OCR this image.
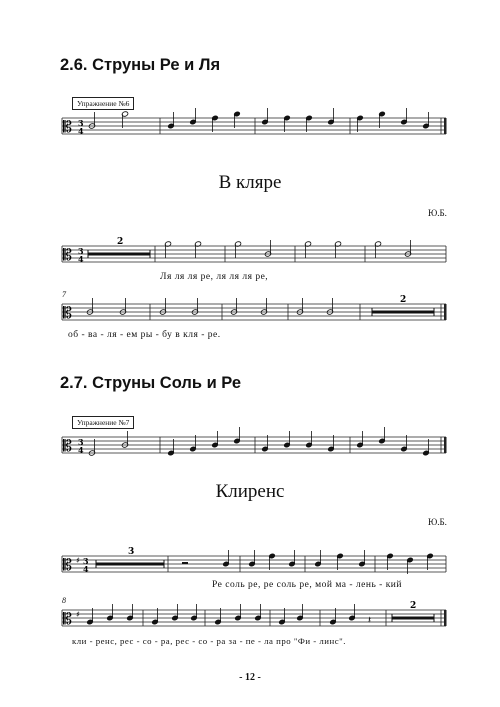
2.6. Струны Ре и Ля
Упражнение №6
𝄡 3
4
В кляре
Ю.Б.
𝄡 3
4
2
Ля ля ля ре, ля ля ля ре,
7
𝄡
2
об - ва - ля - ем ры - бу в кля - ре.
2.7. Струны Соль и Ре
Упражнение №7
𝄡 3
4
Клиренс
Ю.Б.
𝄡 ♯ 3
4
3
Ре соль ре, ре соль ре, мой ма - лень - кий
8
𝄡 ♯
𝄽
2
кли - ренс, рес - со - ра, рес - со - ра за - пе - ла про "Фи - линс".
- 12 -
